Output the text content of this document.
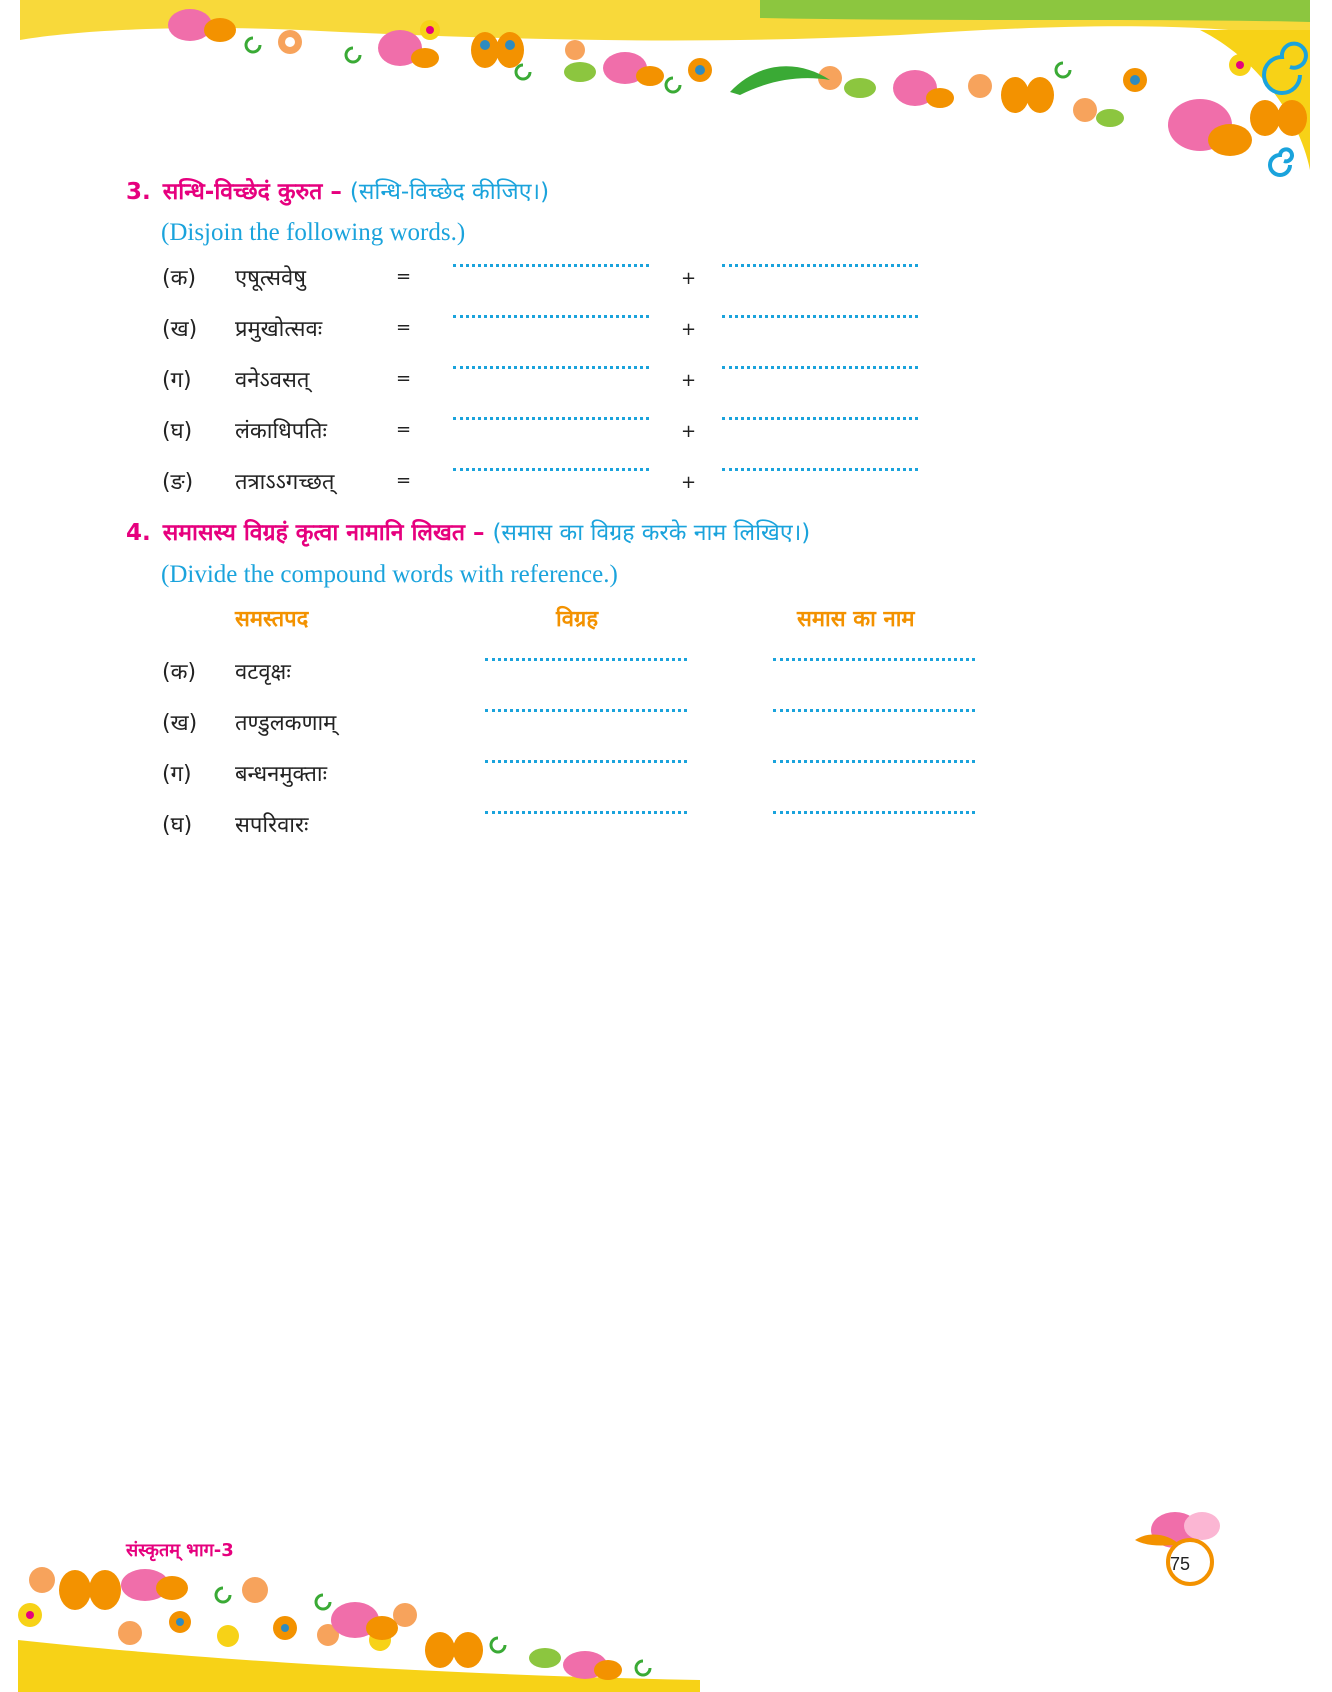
3. सन्धि-विच्छेदं कुरुत – (सन्धि-विच्छेद कीजिए।)
(Disjoin the following words.)
(क) एषूत्सवेषु	=	+
(ख) प्रमुखोत्सवः	=	+
(ग) वनेऽवसत्	=	+
(घ) लंकाधिपतिः	=	+
(ङ) तत्राऽऽगच्छत्	=	+
4. समासस्य विग्रहं कृत्वा नामानि लिखत – (समास का विग्रह करके नाम लिखिए।)
(Divide the compound words with reference.)
समस्तपद	विग्रह	समास का नाम
(क) वटवृक्षः
(ख) तण्डुलकणाम्
(ग) बन्धनमुक्ताः
(घ) सपरिवारः
संस्कृतम् भाग-3
75
